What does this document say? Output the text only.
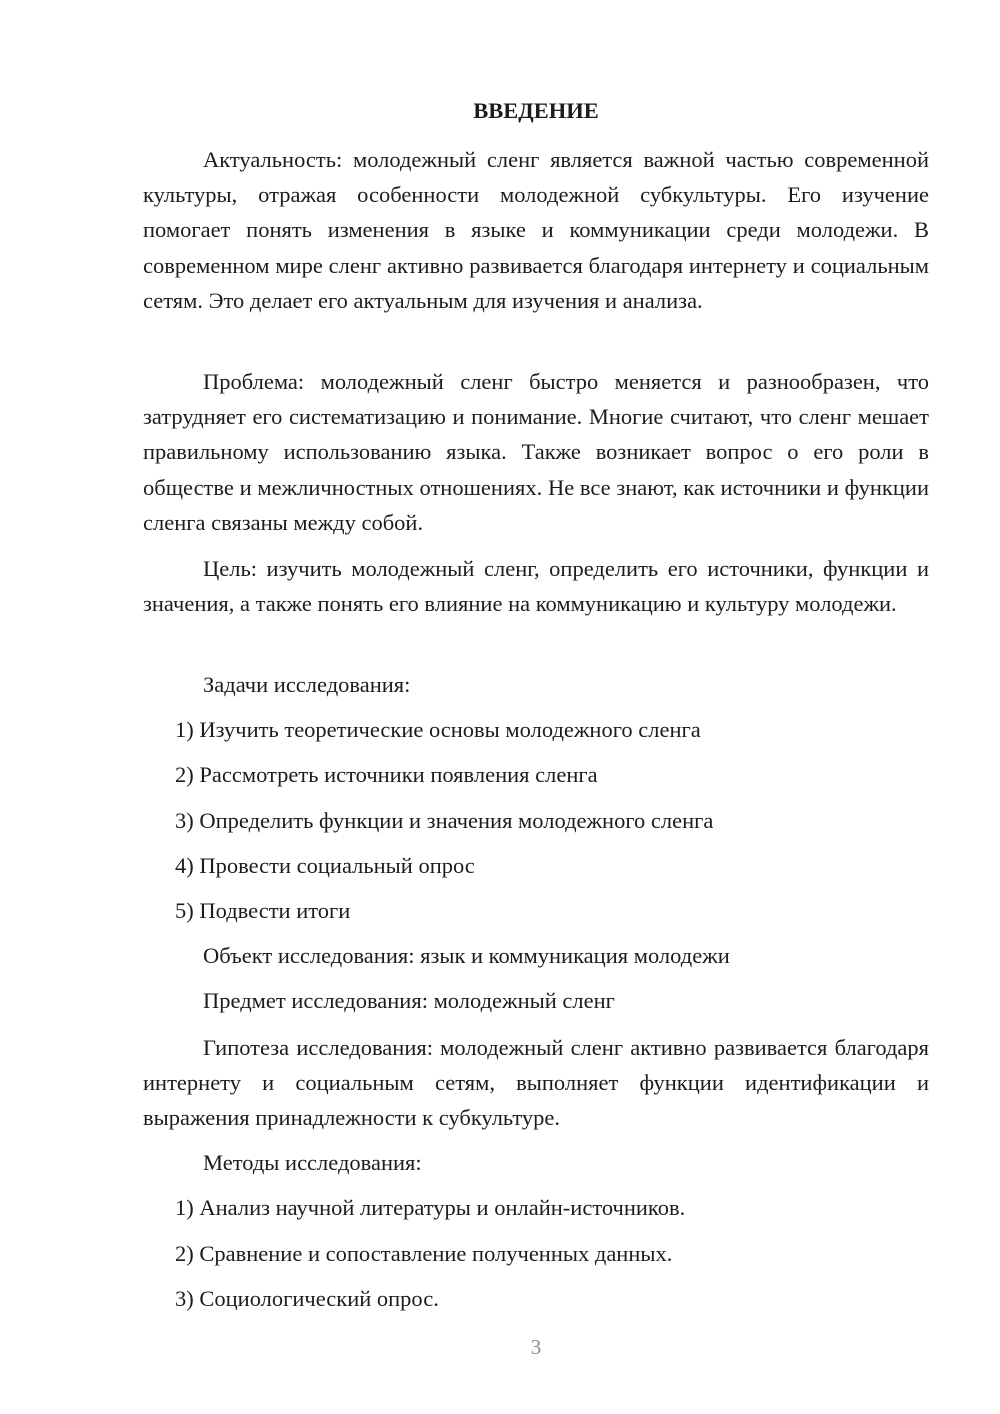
ВВЕДЕНИЕ

Актуальность: молодежный сленг является важной частью современной культуры, отражая особенности молодежной субкультуры. Его изучение помогает понять изменения в языке и коммуникации среди молодежи. В современном мире сленг активно развивается благодаря интернету и социальным сетям. Это делает его актуальным для изучения и анализа.

Проблема: молодежный сленг быстро меняется и разнообразен, что затрудняет его систематизацию и понимание. Многие считают, что сленг мешает правильному использованию языка. Также возникает вопрос о его роли в обществе и межличностных отношениях. Не все знают, как источники и функции сленга связаны между собой.

Цель: изучить молодежный сленг, определить его источники, функции и значения, а также понять его влияние на коммуникацию и культуру молодежи.

Задачи исследования:
1) Изучить теоретические основы молодежного сленга
2) Рассмотреть источники появления сленга
3) Определить функции и значения молодежного сленга
4) Провести социальный опрос
5) Подвести итоги
Объект исследования: язык и коммуникация молодежи
Предмет исследования: молодежный сленг

Гипотеза исследования: молодежный сленг активно развивается благодаря интернету и социальным сетям, выполняет функции идентификации и выражения принадлежности к субкультуре.

Методы исследования:
1) Анализ научной литературы и онлайн-источников.
2) Сравнение и сопоставление полученных данных.
3) Социологический опрос.
3
